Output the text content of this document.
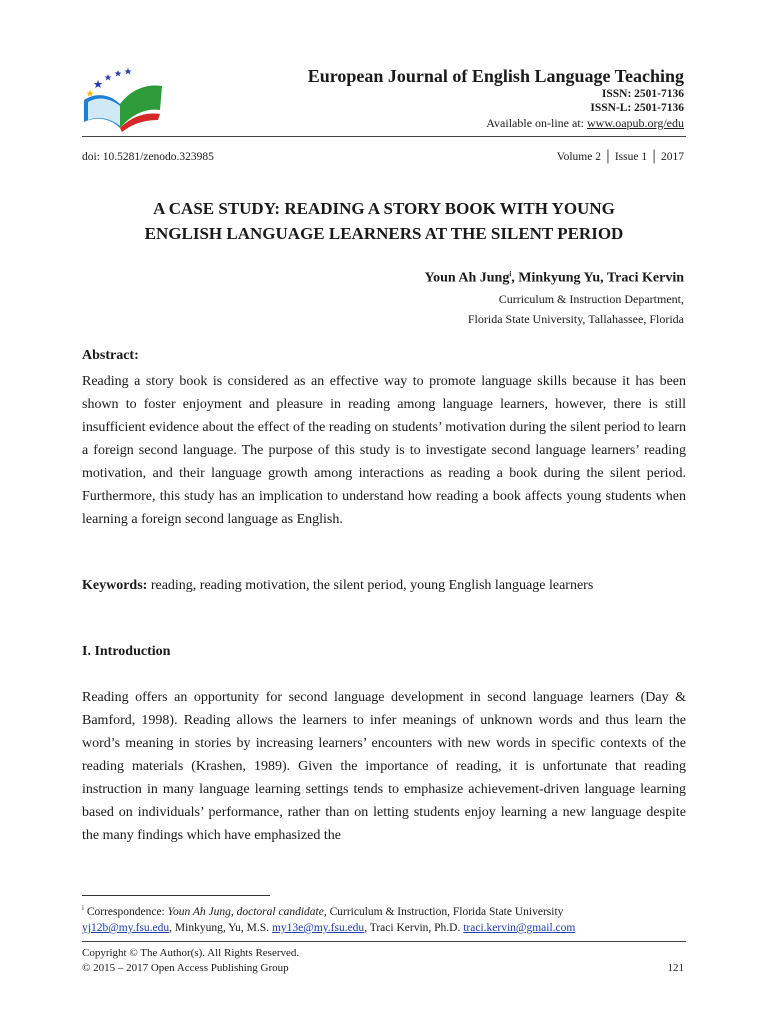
European Journal of English Language Teaching
ISSN: 2501-7136
ISSN-L: 2501-7136
Available on-line at: www.oapub.org/edu
doi: 10.5281/zenodo.323985	Volume 2 │ Issue 1 │ 2017
A CASE STUDY: READING A STORY BOOK WITH YOUNG
ENGLISH LANGUAGE LEARNERS AT THE SILENT PERIOD
Youn Ah Jung$^i$, Minkyung Yu, Traci Kervin
Curriculum & Instruction Department,
Florida State University, Tallahassee, Florida
Abstract:
Reading a story book is considered as an effective way to promote language skills because it has been shown to foster enjoyment and pleasure in reading among language learners, however, there is still insufficient evidence about the effect of the reading on students’ motivation during the silent period to learn a foreign second language. The purpose of this study is to investigate second language learners’ reading motivation, and their language growth among interactions as reading a book during the silent period. Furthermore, this study has an implication to understand how reading a book affects young students when learning a foreign second language as English.
Keywords: reading, reading motivation, the silent period, young English language learners
I. Introduction
Reading offers an opportunity for second language development in second language learners (Day & Bamford, 1998). Reading allows the learners to infer meanings of unknown words and thus learn the word’s meaning in stories by increasing learners’ encounters with new words in specific contexts of the reading materials (Krashen, 1989). Given the importance of reading, it is unfortunate that reading instruction in many language learning settings tends to emphasize achievement-driven language learning based on individuals’ performance, rather than on letting students enjoy learning a new language despite the many findings which have emphasized the
$^i$ Correspondence: Youn Ah Jung, doctoral candidate, Curriculum & Instruction, Florida State University
yj12b@my.fsu.edu, Minkyung, Yu, M.S. my13e@my.fsu.edu, Traci Kervin, Ph.D. traci.kervin@gmail.com
Copyright © The Author(s). All Rights Reserved.
© 2015 – 2017 Open Access Publishing Group	121
